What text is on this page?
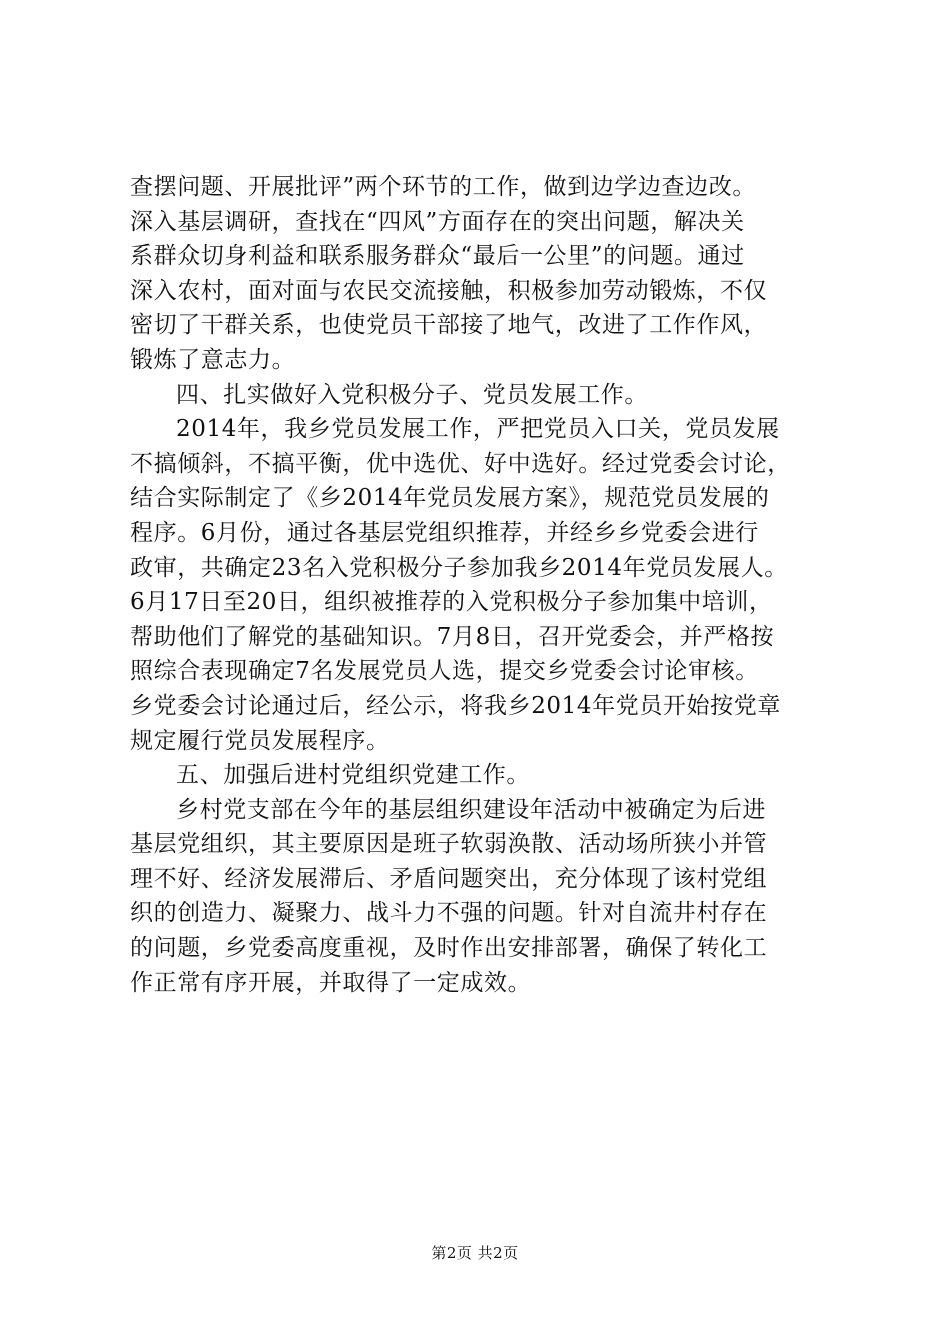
查摆问题、开展批评”两个环节的工作，做到边学边查边改。
深入基层调研，查找在“四风”方面存在的突出问题，解决关
系群众切身利益和联系服务群众“最后一公里”的问题。通过
深入农村，面对面与农民交流接触，积极参加劳动锻炼，不仅
密切了干群关系，也使党员干部接了地气，改进了工作作风，
锻炼了意志力。
四、扎实做好入党积极分子、党员发展工作。
2014年，我乡党员发展工作，严把党员入口关，党员发展
不搞倾斜，不搞平衡，优中选优、好中选好。经过党委会讨论，
结合实际制定了《乡2014年党员发展方案》，规范党员发展的
程序。6月份，通过各基层党组织推荐，并经乡乡党委会进行
政审，共确定23名入党积极分子参加我乡2014年党员发展人。
6月17日至20日，组织被推荐的入党积极分子参加集中培训，
帮助他们了解党的基础知识。7月8日，召开党委会，并严格按
照综合表现确定7名发展党员人选，提交乡党委会讨论审核。
乡党委会讨论通过后，经公示，将我乡2014年党员开始按党章
规定履行党员发展程序。
五、加强后进村党组织党建工作。
乡村党支部在今年的基层组织建设年活动中被确定为后进
基层党组织，其主要原因是班子软弱涣散、活动场所狭小并管
理不好、经济发展滞后、矛盾问题突出，充分体现了该村党组
织的创造力、凝聚力、战斗力不强的问题。针对自流井村存在
的问题，乡党委高度重视，及时作出安排部署，确保了转化工
作正常有序开展，并取得了一定成效。
第2页 共2页
